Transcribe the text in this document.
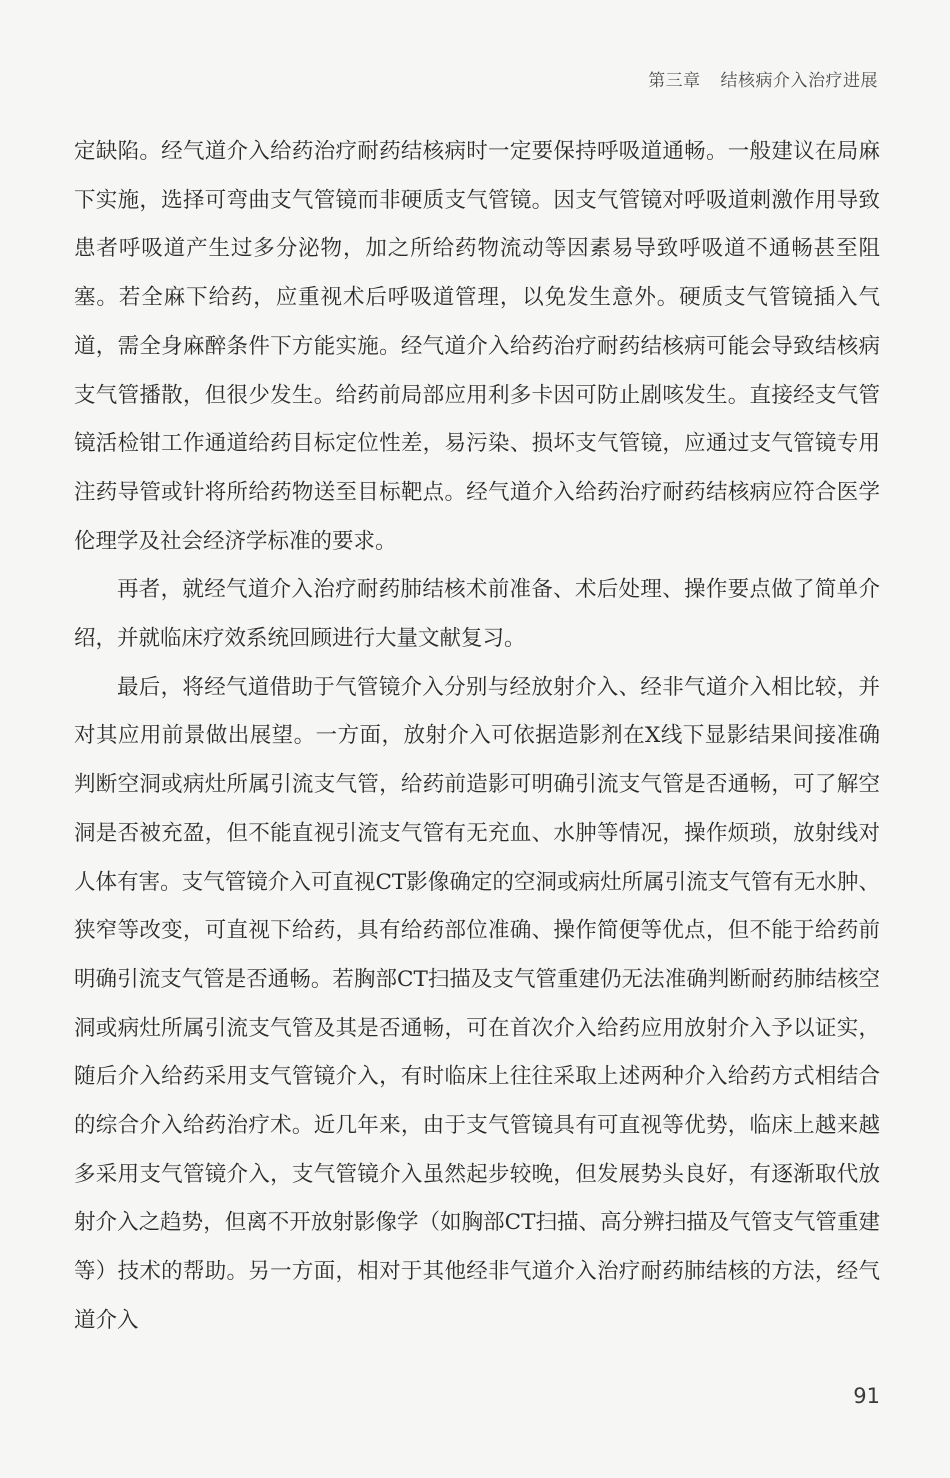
第三章 结核病介入治疗进展

定缺陷。经气道介入给药治疗耐药结核病时一定要保持呼吸道通畅。一般建议在局麻下实施，选择可弯曲支气管镜而非硬质支气管镜。因支气管镜对呼吸道刺激作用导致患者呼吸道产生过多分泌物，加之所给药物流动等因素易导致呼吸道不通畅甚至阻塞。若全麻下给药，应重视术后呼吸道管理，以免发生意外。硬质支气管镜插入气道，需全身麻醉条件下方能实施。经气道介入给药治疗耐药结核病可能会导致结核病支气管播散，但很少发生。给药前局部应用利多卡因可防止剧咳发生。直接经支气管镜活检钳工作通道给药目标定位性差，易污染、损坏支气管镜，应通过支气管镜专用注药导管或针将所给药物送至目标靶点。经气道介入给药治疗耐药结核病应符合医学伦理学及社会经济学标准的要求。

再者，就经气道介入治疗耐药肺结核术前准备、术后处理、操作要点做了简单介绍，并就临床疗效系统回顾进行大量文献复习。

最后，将经气道借助于气管镜介入分别与经放射介入、经非气道介入相比较，并对其应用前景做出展望。一方面，放射介入可依据造影剂在X线下显影结果间接准确判断空洞或病灶所属引流支气管，给药前造影可明确引流支气管是否通畅，可了解空洞是否被充盈，但不能直视引流支气管有无充血、水肿等情况，操作烦琐，放射线对人体有害。支气管镜介入可直视CT影像确定的空洞或病灶所属引流支气管有无水肿、狭窄等改变，可直视下给药，具有给药部位准确、操作简便等优点，但不能于给药前明确引流支气管是否通畅。若胸部CT扫描及支气管重建仍无法准确判断耐药肺结核空洞或病灶所属引流支气管及其是否通畅，可在首次介入给药应用放射介入予以证实，随后介入给药采用支气管镜介入，有时临床上往往采取上述两种介入给药方式相结合的综合介入给药治疗术。近几年来，由于支气管镜具有可直视等优势，临床上越来越多采用支气管镜介入，支气管镜介入虽然起步较晚，但发展势头良好，有逐渐取代放射介入之趋势，但离不开放射影像学（如胸部CT扫描、高分辨扫描及气管支气管重建等）技术的帮助。另一方面，相对于其他经非气道介入治疗耐药肺结核的方法，经气道介入

91
